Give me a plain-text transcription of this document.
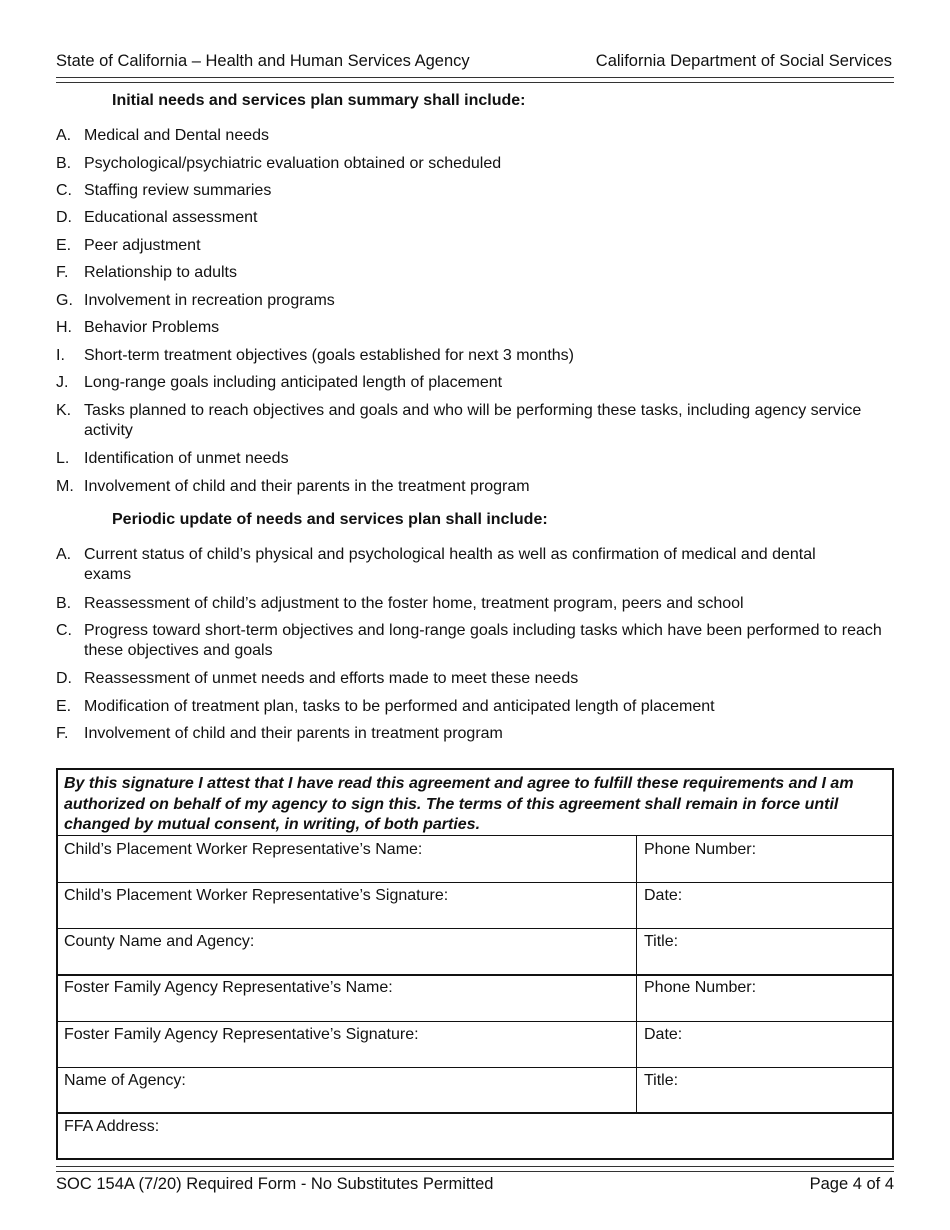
State of California – Health and Human Services Agency	California Department of Social Services
Initial needs and services plan summary shall include:
A. Medical and Dental needs
B. Psychological/psychiatric evaluation obtained or scheduled
C. Staffing review summaries
D. Educational assessment
E. Peer adjustment
F. Relationship to adults
G. Involvement in recreation programs
H. Behavior Problems
I. Short-term treatment objectives (goals established for next 3 months)
J. Long-range goals including anticipated length of placement
K. Tasks planned to reach objectives and goals and who will be performing these tasks, including agency service activity
L. Identification of unmet needs
M. Involvement of child and their parents in the treatment program
Periodic update of needs and services plan shall include:
A. Current status of child’s physical and psychological health as well as confirmation of medical and dental exams
B. Reassessment of child’s adjustment to the foster home, treatment program, peers and school
C. Progress toward short-term objectives and long-range goals including tasks which have been performed to reach these objectives and goals
D. Reassessment of unmet needs and efforts made to meet these needs
E. Modification of treatment plan, tasks to be performed and anticipated length of placement
F. Involvement of child and their parents in treatment program
By this signature I attest that I have read this agreement and agree to fulfill these requirements and I am authorized on behalf of my agency to sign this. The terms of this agreement shall remain in force until changed by mutual consent, in writing, of both parties.
Child’s Placement Worker Representative’s Name:	Phone Number:
Child’s Placement Worker Representative’s Signature:	Date:
County Name and Agency:	Title:
Foster Family Agency Representative’s Name:	Phone Number:
Foster Family Agency Representative’s Signature:	Date:
Name of Agency:	Title:
FFA Address:
SOC 154A (7/20) Required Form - No Substitutes Permitted	Page 4 of 4
